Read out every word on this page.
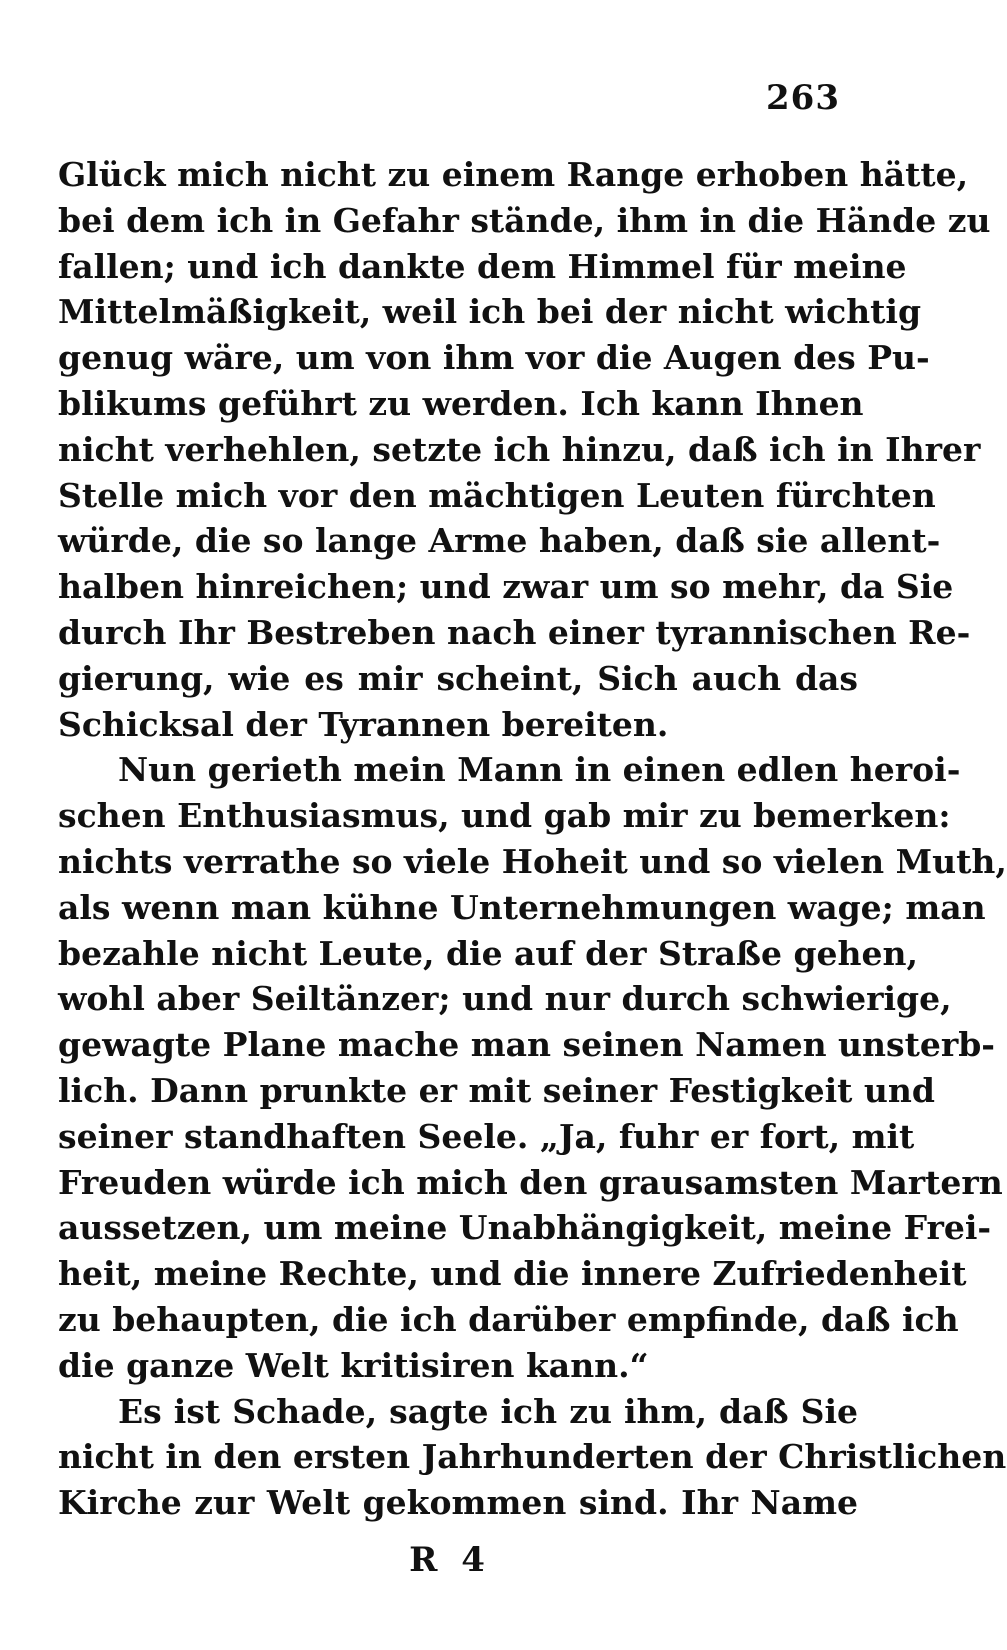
263
Glück mich nicht zu einem Range erhoben hätte,
bei dem ich in Gefahr stände, ihm in die Hände zu
fallen; und ich dankte dem Himmel für meine
Mittelmäßigkeit, weil ich bei der nicht wichtig
genug wäre, um von ihm vor die Augen des Pu-
blikums geführt zu werden. Ich kann Ihnen
nicht verhehlen, setzte ich hinzu, daß ich in Ihrer
Stelle mich vor den mächtigen Leuten fürchten
würde, die so lange Arme haben, daß sie allent-
halben hinreichen; und zwar um so mehr, da Sie
durch Ihr Bestreben nach einer tyrannischen Re-
gierung, wie es mir scheint, Sich auch das
Schicksal der Tyrannen bereiten.
Nun gerieth mein Mann in einen edlen heroi-
schen Enthusiasmus, und gab mir zu bemerken:
nichts verrathe so viele Hoheit und so vielen Muth,
als wenn man kühne Unternehmungen wage; man
bezahle nicht Leute, die auf der Straße gehen,
wohl aber Seiltänzer; und nur durch schwierige,
gewagte Plane mache man seinen Namen unsterb-
lich. Dann prunkte er mit seiner Festigkeit und
seiner standhaften Seele. „Ja, fuhr er fort, mit
Freuden würde ich mich den grausamsten Martern
aussetzen, um meine Unabhängigkeit, meine Frei-
heit, meine Rechte, und die innere Zufriedenheit
zu behaupten, die ich darüber empfinde, daß ich
die ganze Welt kritisiren kann.“
Es ist Schade, sagte ich zu ihm, daß Sie
nicht in den ersten Jahrhunderten der Christlichen
Kirche zur Welt gekommen sind. Ihr Name
R 4
